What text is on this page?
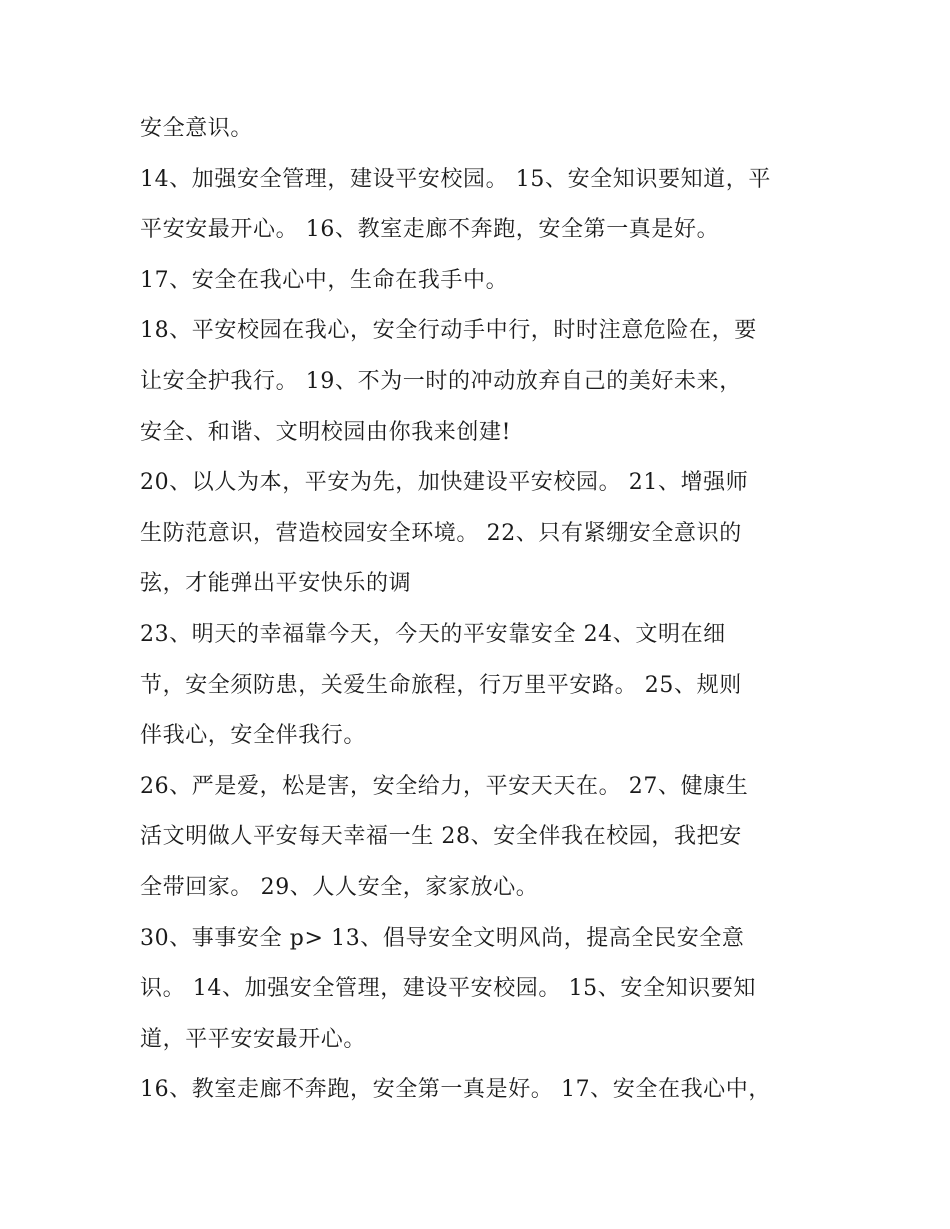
安全意识。
14、加强安全管理，建设平安校园。 15、安全知识要知道，平
平安安最开心。 16、教室走廊不奔跑，安全第一真是好。
17、安全在我心中，生命在我手中。
18、平安校园在我心，安全行动手中行，时时注意危险在，要
让安全护我行。 19、不为一时的冲动放弃自己的美好未来，
安全、和谐、文明校园由你我来创建!
20、以人为本，平安为先，加快建设平安校园。 21、增强师
生防范意识，营造校园安全环境。 22、只有紧绷安全意识的
弦，才能弹出平安快乐的调
23、明天的幸福靠今天，今天的平安靠安全 24、文明在细
节，安全须防患，关爱生命旅程，行万里平安路。 25、规则
伴我心，安全伴我行。
26、严是爱，松是害，安全给力，平安天天在。 27、健康生
活文明做人平安每天幸福一生 28、安全伴我在校园，我把安
全带回家。 29、人人安全，家家放心。
30、事事安全 p> 13、倡导安全文明风尚，提高全民安全意
识。 14、加强安全管理，建设平安校园。 15、安全知识要知
道，平平安安最开心。
16、教室走廊不奔跑，安全第一真是好。 17、安全在我心中，
